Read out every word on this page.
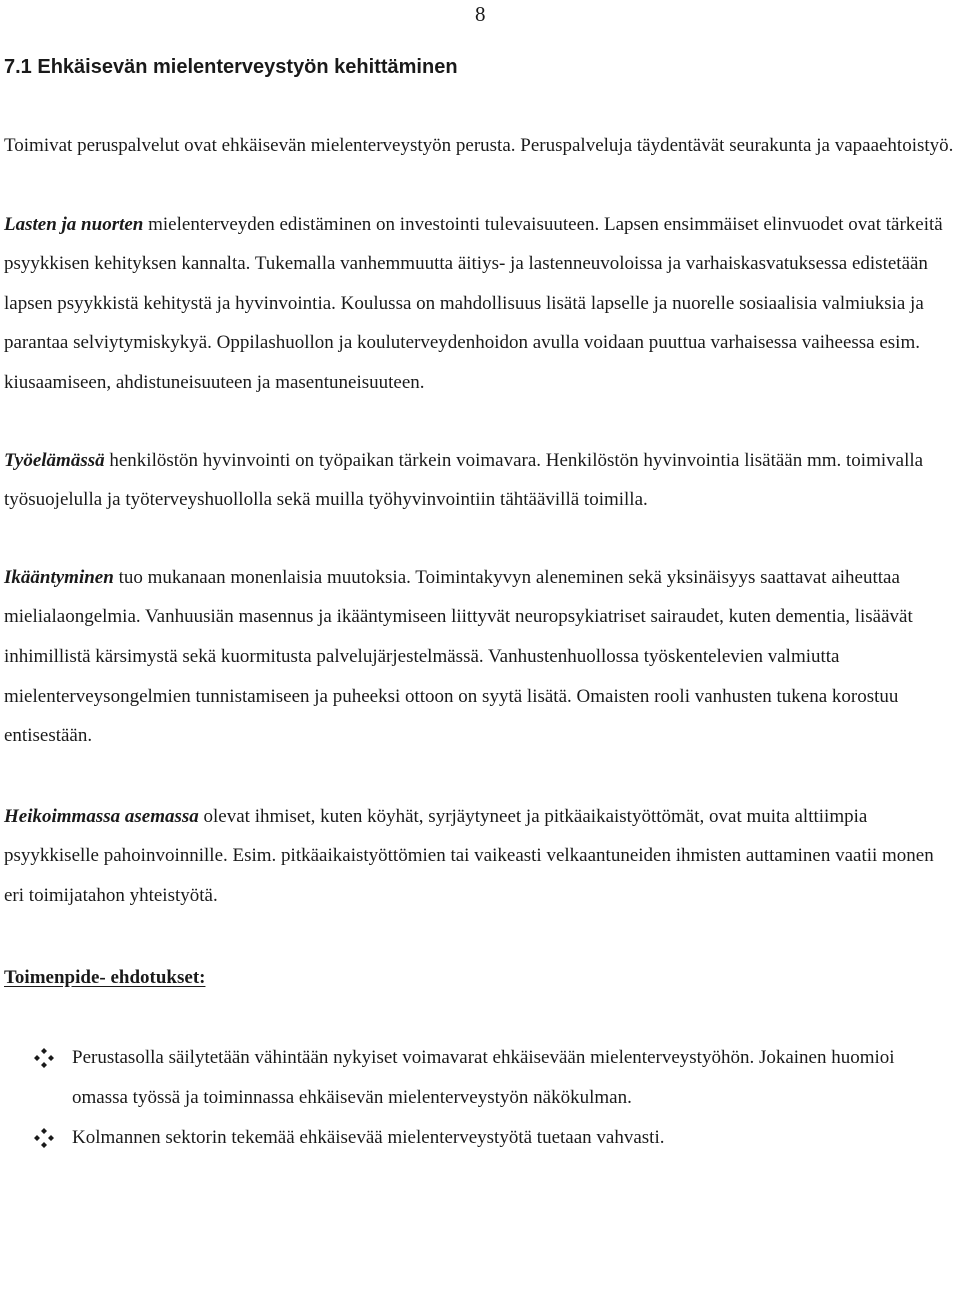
8
7.1 Ehkäisevän mielenterveystyön kehittäminen

Toimivat peruspalvelut ovat ehkäisevän mielenterveystyön perusta. Peruspalveluja täydentävät seurakunta ja vapaaehtoistyö.

Lasten ja nuorten mielenterveyden edistäminen on investointi tulevaisuuteen. Lapsen ensimmäiset elinvuodet ovat tärkeitä psyykkisen kehityksen kannalta. Tukemalla vanhemmuutta äitiys- ja lastenneuvoloissa ja varhaiskasvatuksessa edistetään lapsen psyykkistä kehitystä ja hyvinvointia. Koulussa on mahdollisuus lisätä lapselle ja nuorelle sosiaalisia valmiuksia ja parantaa selviytymiskykyä. Oppilashuollon ja kouluterveydenhoidon avulla voidaan puuttua varhaisessa vaiheessa esim. kiusaamiseen, ahdistuneisuuteen ja masentuneisuuteen.

Työelämässä henkilöstön hyvinvointi on työpaikan tärkein voimavara. Henkilöstön hyvinvointia lisätään mm. toimivalla työsuojelulla ja työterveyshuollolla sekä muilla työhyvinvointiin tähtäävillä toimilla.

Ikääntyminen tuo mukanaan monenlaisia muutoksia. Toimintakyvyn aleneminen sekä yksinäisyys saattavat aiheuttaa mielialaongelmia. Vanhuusiän masennus ja ikääntymiseen liittyvät neuropsykiatriset sairaudet, kuten dementia, lisäävät inhimillistä kärsimystä sekä kuormitusta palvelujärjestelmässä. Vanhustenhuollossa työskentelevien valmiutta mielenterveysongelmien tunnistamiseen ja puheeksi ottoon on syytä lisätä. Omaisten rooli vanhusten tukena korostuu entisestään.

Heikoimmassa asemassa olevat ihmiset, kuten köyhät, syrjäytyneet ja pitkäaikaistyöttömät, ovat muita alttiimpia psyykkiselle pahoinvoinnille. Esim. pitkäaikaistyöttömien tai vaikeasti velkaantuneiden ihmisten auttaminen vaatii monen eri toimijatahon yhteistyötä.

Toimenpide- ehdotukset:
Perustasolla säilytetään vähintään nykyiset voimavarat ehkäisevään mielenterveystyöhön. Jokainen huomioi omassa työssä ja toiminnassa ehkäisevän mielenterveystyön näkökulman.
Kolmannen sektorin tekemää ehkäisevää mielenterveystyötä tuetaan vahvasti.
